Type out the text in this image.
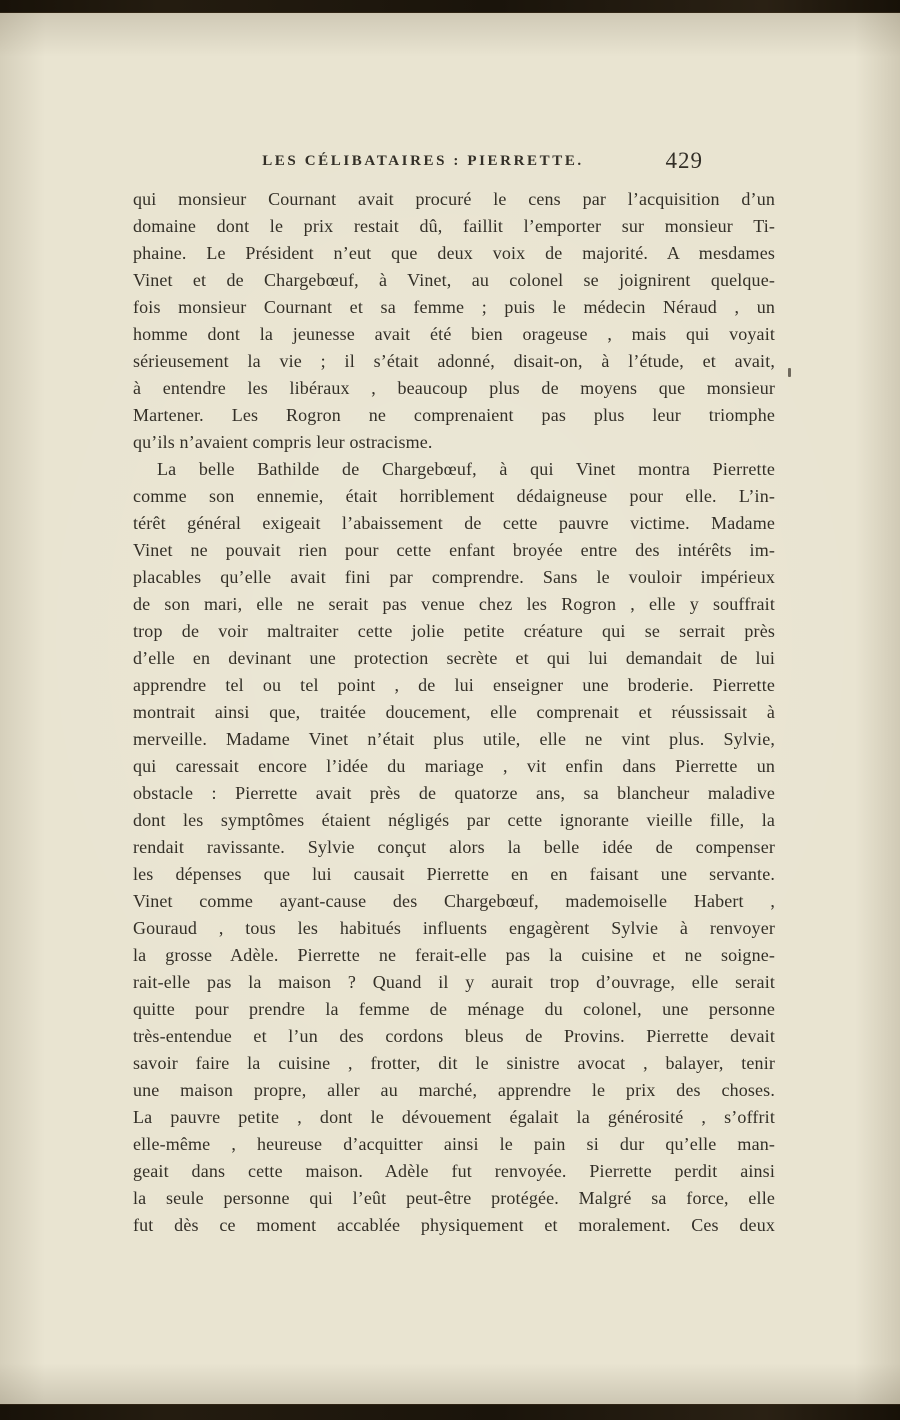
LES CÉLIBATAIRES : PIERRETTE.	429
qui monsieur Cournant avait procuré le cens par l’acquisition d’un
domaine dont le prix restait dû, faillit l’emporter sur monsieur Ti-
phaine. Le Président n’eut que deux voix de majorité. A mesdames
Vinet et de Chargebœuf, à Vinet, au colonel se joignirent quelque-
fois monsieur Cournant et sa femme ; puis le médecin Néraud , un
homme dont la jeunesse avait été bien orageuse , mais qui voyait
sérieusement la vie ; il s’était adonné, disait-on, à l’étude, et avait,
à entendre les libéraux , beaucoup plus de moyens que monsieur
Martener. Les Rogron ne comprenaient pas plus leur triomphe
qu’ils n’avaient compris leur ostracisme.
La belle Bathilde de Chargebœuf, à qui Vinet montra Pierrette
comme son ennemie, était horriblement dédaigneuse pour elle. L’in-
térêt général exigeait l’abaissement de cette pauvre victime. Madame
Vinet ne pouvait rien pour cette enfant broyée entre des intérêts im-
placables qu’elle avait fini par comprendre. Sans le vouloir impérieux
de son mari, elle ne serait pas venue chez les Rogron , elle y souffrait
trop de voir maltraiter cette jolie petite créature qui se serrait près
d’elle en devinant une protection secrète et qui lui demandait de lui
apprendre tel ou tel point , de lui enseigner une broderie. Pierrette
montrait ainsi que, traitée doucement, elle comprenait et réussissait à
merveille. Madame Vinet n’était plus utile, elle ne vint plus. Sylvie,
qui caressait encore l’idée du mariage , vit enfin dans Pierrette un
obstacle : Pierrette avait près de quatorze ans, sa blancheur maladive
dont les symptômes étaient négligés par cette ignorante vieille fille, la
rendait ravissante. Sylvie conçut alors la belle idée de compenser
les dépenses que lui causait Pierrette en en faisant une servante.
Vinet comme ayant-cause des Chargebœuf, mademoiselle Habert ,
Gouraud , tous les habitués influents engagèrent Sylvie à renvoyer
la grosse Adèle. Pierrette ne ferait-elle pas la cuisine et ne soigne-
rait-elle pas la maison ? Quand il y aurait trop d’ouvrage, elle serait
quitte pour prendre la femme de ménage du colonel, une personne
très-entendue et l’un des cordons bleus de Provins. Pierrette devait
savoir faire la cuisine , frotter, dit le sinistre avocat , balayer, tenir
une maison propre, aller au marché, apprendre le prix des choses.
La pauvre petite , dont le dévouement égalait la générosité , s’offrit
elle-même , heureuse d’acquitter ainsi le pain si dur qu’elle man-
geait dans cette maison. Adèle fut renvoyée. Pierrette perdit ainsi
la seule personne qui l’eût peut-être protégée. Malgré sa force, elle
fut dès ce moment accablée physiquement et moralement. Ces deux
